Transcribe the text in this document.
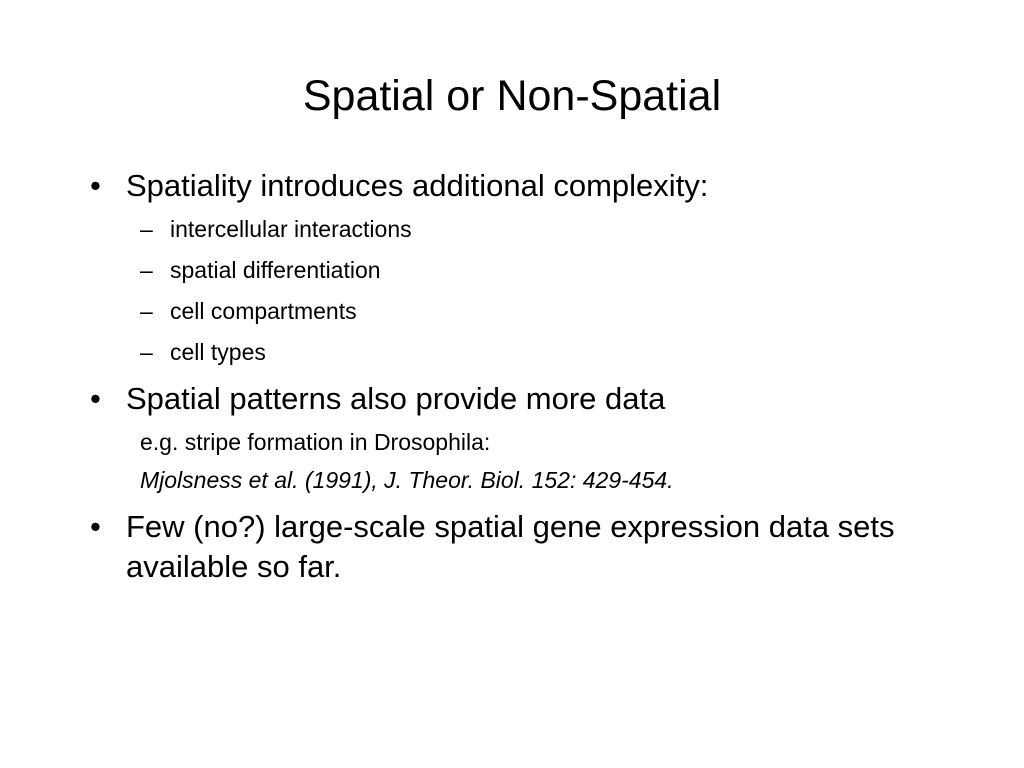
Spatial or Non-Spatial
• Spatiality introduces additional complexity:
– intercellular interactions
– spatial differentiation
– cell compartments
– cell types
• Spatial patterns also provide more data
e.g. stripe formation in Drosophila:
Mjolsness et al. (1991), J. Theor. Biol. 152: 429-454.
• Few (no?) large-scale spatial gene expression data sets available so far.
